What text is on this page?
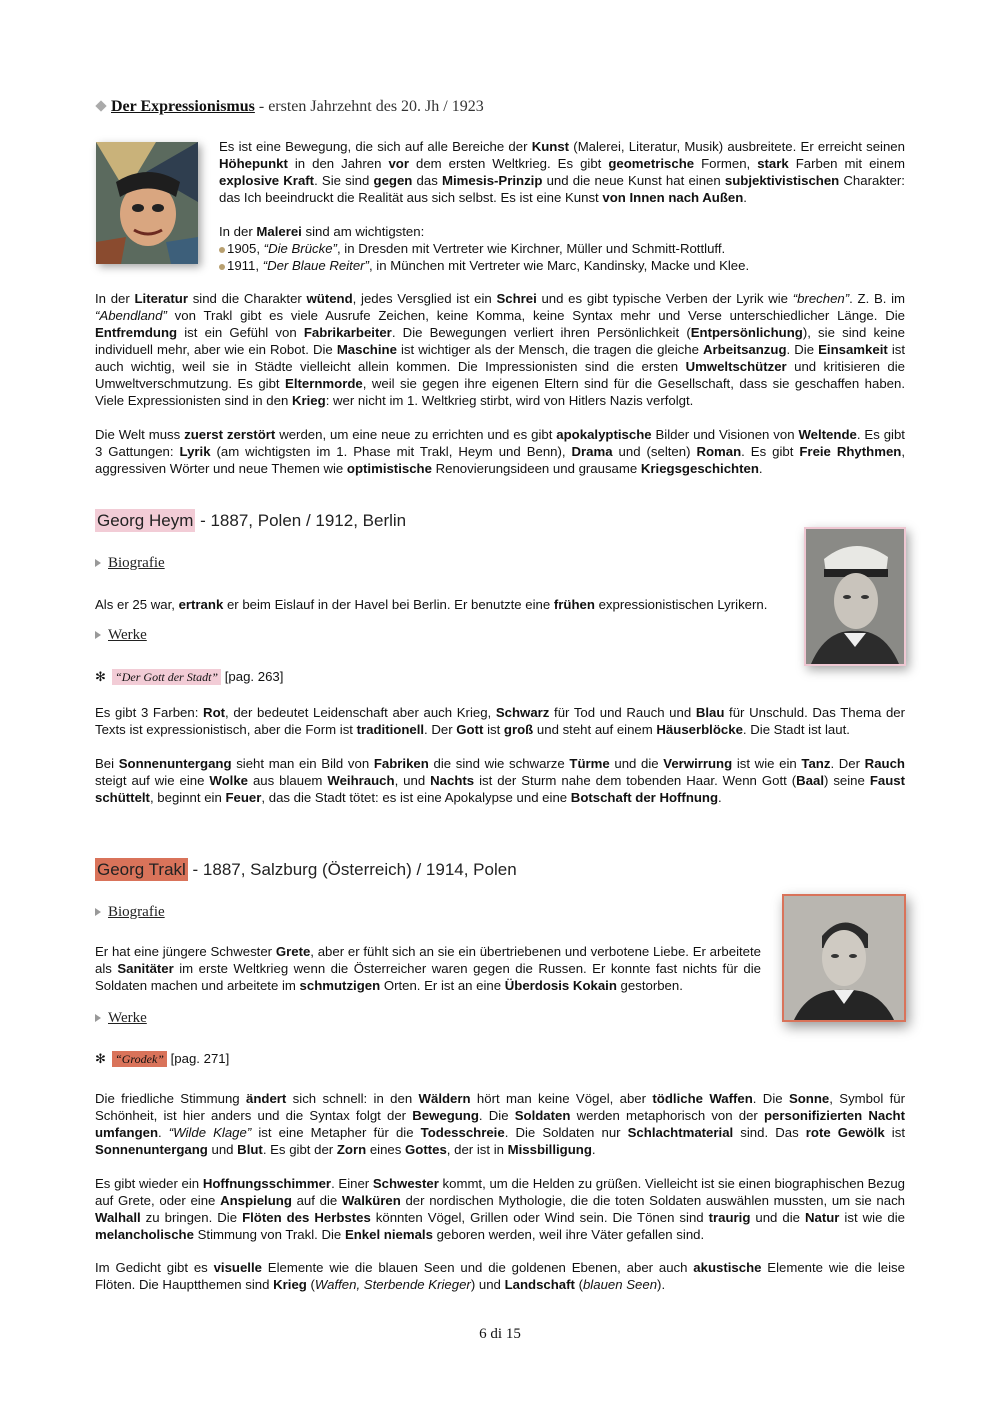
Der Expressionismus - ersten Jahrzehnt des 20. Jh / 1923

Es ist eine Bewegung, die sich auf alle Bereiche der Kunst (Malerei, Literatur, Musik) ausbreitete. Er erreicht seinen Höhepunkt in den Jahren vor dem ersten Weltkrieg. Es gibt geometrische Formen, stark Farben mit einem explosive Kraft. Sie sind gegen das Mimesis-Prinzip und die neue Kunst hat einen subjektivistischen Charakter: das Ich beeindruckt die Realität aus sich selbst. Es ist eine Kunst von Innen nach Außen.

In der Malerei sind am wichtigsten:

1905, “Die Brücke”, in Dresden mit Vertreter wie Kirchner, Müller und Schmitt-Rottluff.
1911, “Der Blaue Reiter”, in München mit Vertreter wie Marc, Kandinsky, Macke und Klee.

In der Literatur sind die Charakter wütend, jedes Versglied ist ein Schrei und es gibt typische Verben der Lyrik wie “brechen”. Z. B. im “Abendland” von Trakl gibt es viele Ausrufe Zeichen, keine Komma, keine Syntax mehr und Verse unterschiedlicher Länge. Die Entfremdung ist ein Gefühl von Fabrikarbeiter. Die Bewegungen verliert ihren Persönlichkeit (Entpersönlichung), sie sind keine individuell mehr, aber wie ein Robot. Die Maschine ist wichtiger als der Mensch, die tragen die gleiche Arbeitsanzug. Die Einsamkeit ist auch wichtig, weil sie in Städte vielleicht allein kommen. Die Impressionisten sind die ersten Umweltschützer und kritisieren die Umweltverschmutzung. Es gibt Elternmorde, weil sie gegen ihre eigenen Eltern sind für die Gesellschaft, dass sie geschaffen haben. Viele Expressionisten sind in den Krieg: wer nicht im 1. Weltkrieg stirbt, wird von Hitlers Nazis verfolgt.

Die Welt muss zuerst zerstört werden, um eine neue zu errichten und es gibt apokalyptische Bilder und Visionen von Weltende. Es gibt 3 Gattungen: Lyrik (am wichtigsten im 1. Phase mit Trakl, Heym und Benn), Drama und (selten) Roman. Es gibt Freie Rhythmen, aggressiven Wörter und neue Themen wie optimistische Renovierungsideen und grausame Kriegsgeschichten.

Georg Heym - 1887, Polen / 1912, Berlin
Biografie

Als er 25 war, ertrank er beim Eislauf in der Havel bei Berlin. Er benutzte eine frühen expressionistischen Lyrikern.

Werke
✻ “Der Gott der Stadt” [pag. 263]

Es gibt 3 Farben: Rot, der bedeutet Leidenschaft aber auch Krieg, Schwarz für Tod und Rauch und Blau für Unschuld. Das Thema der Texts ist expressionistisch, aber die Form ist traditionell. Der Gott ist groß und steht auf einem Häuserblöcke. Die Stadt ist laut.

Bei Sonnenuntergang sieht man ein Bild von Fabriken die sind wie schwarze Türme und die Verwirrung ist wie ein Tanz. Der Rauch steigt auf wie eine Wolke aus blauem Weihrauch, und Nachts ist der Sturm nahe dem tobenden Haar. Wenn Gott (Baal) seine Faust schüttelt, beginnt ein Feuer, das die Stadt tötet: es ist eine Apokalypse und eine Botschaft der Hoffnung.

Georg Trakl - 1887, Salzburg (Österreich) / 1914, Polen
Biografie

Er hat eine jüngere Schwester Grete, aber er fühlt sich an sie ein übertriebenen und verbotene Liebe. Er arbeitete als Sanitäter im erste Weltkrieg wenn die Österreicher waren gegen die Russen. Er konnte fast nichts für die Soldaten machen und arbeitete im schmutzigen Orten. Er ist an eine Überdosis Kokain gestorben.

Werke
✻ “Grodek” [pag. 271]

Die friedliche Stimmung ändert sich schnell: in den Wäldern hört man keine Vögel, aber tödliche Waffen. Die Sonne, Symbol für Schönheit, ist hier anders und die Syntax folgt der Bewegung. Die Soldaten werden metaphorisch von der personifizierten Nacht umfangen. “Wilde Klage” ist eine Metapher für die Todesschreie. Die Soldaten nur Schlachtmaterial sind. Das rote Gewölk ist Sonnenuntergang und Blut. Es gibt der Zorn eines Gottes, der ist in Missbilligung.

Es gibt wieder ein Hoffnungsschimmer. Einer Schwester kommt, um die Helden zu grüßen. Vielleicht ist sie einen biographischen Bezug auf Grete, oder eine Anspielung auf die Walküren der nordischen Mythologie, die die toten Soldaten auswählen mussten, um sie nach Walhall zu bringen. Die Flöten des Herbstes könnten Vögel, Grillen oder Wind sein. Die Tönen sind traurig und die Natur ist wie die melancholische Stimmung von Trakl. Die Enkel niemals geboren werden, weil ihre Väter gefallen sind.

Im Gedicht gibt es visuelle Elemente wie die blauen Seen und die goldenen Ebenen, aber auch akustische Elemente wie die leise Flöten. Die Hauptthemen sind Krieg (Waffen, Sterbende Krieger) und Landschaft (blauen Seen).

6 di 15
